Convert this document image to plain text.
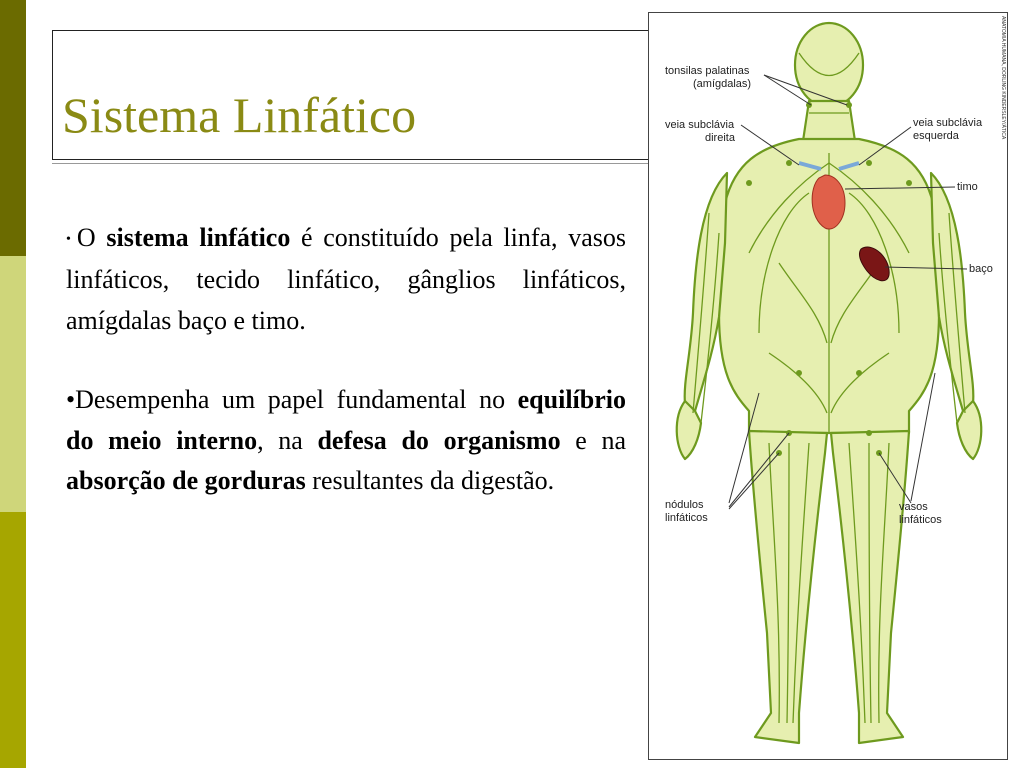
Sistema Linfático
• O sistema linfático é constituído pela linfa, vasos linfáticos, tecido linfático, gânglios linfáticos, amígdalas baço e timo.
•Desempenha um papel fundamental no equilíbrio do meio interno, na defesa do organismo e na absorção de gorduras resultantes da digestão.
tonsilas palatinas
(amígdalas)
veia subclávia
direita
veia subclávia
esquerda
timo
baço
nódulos
linfáticos
vasos
linfáticos
ANATOMIA HUMANA, DORLING KINDERSLEY/ÁTICA
